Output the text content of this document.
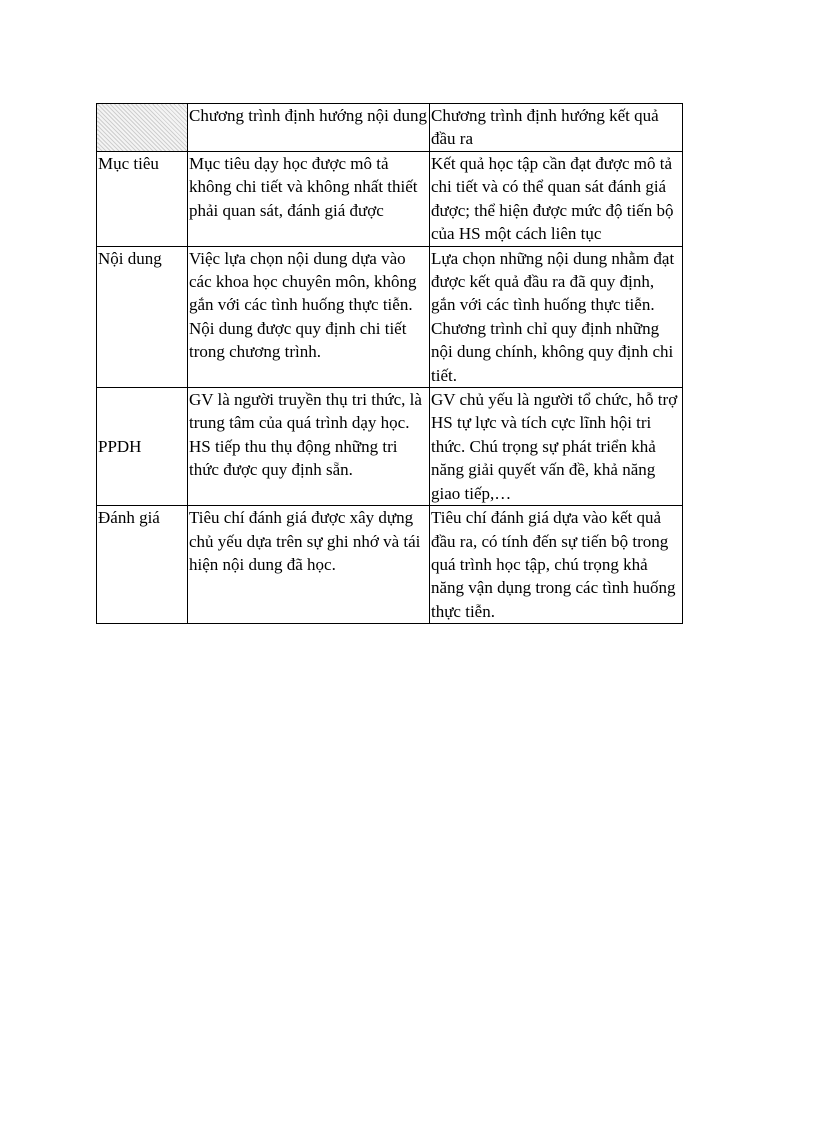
	Chương trình định hướng nội dung	Chương trình định hướng kết quả đầu ra
Mục tiêu	Mục tiêu dạy học được mô tả không chi tiết và không nhất thiết phải quan sát, đánh giá được	Kết quả học tập cần đạt được mô tả chi tiết và có thể quan sát đánh giá được; thể hiện được mức độ tiến bộ của HS một cách liên tục
Nội dung	Việc lựa chọn nội dung dựa vào các khoa học chuyên môn, không gắn với các tình huống thực tiễn. Nội dung được quy định chi tiết trong chương trình.	Lựa chọn những nội dung nhằm đạt được kết quả đầu ra đã quy định, gắn với các tình huống thực tiễn. Chương trình chỉ quy định những nội dung chính, không quy định chi tiết.
PPDH	GV là người truyền thụ tri thức, là trung tâm của quá trình dạy học. HS tiếp thu thụ động những tri thức được quy định sẵn.	GV chủ yếu là người tổ chức, hỗ trợ HS tự lực và tích cực lĩnh hội tri thức. Chú trọng sự phát triển khả năng giải quyết vấn đề, khả năng giao tiếp,…
Đánh giá	Tiêu chí đánh giá được xây dựng chủ yếu dựa trên sự ghi nhớ và tái hiện nội dung đã học.	Tiêu chí đánh giá dựa vào kết quả đầu ra, có tính đến sự tiến bộ trong quá trình học tập, chú trọng khả năng vận dụng trong các tình huống thực tiễn.
